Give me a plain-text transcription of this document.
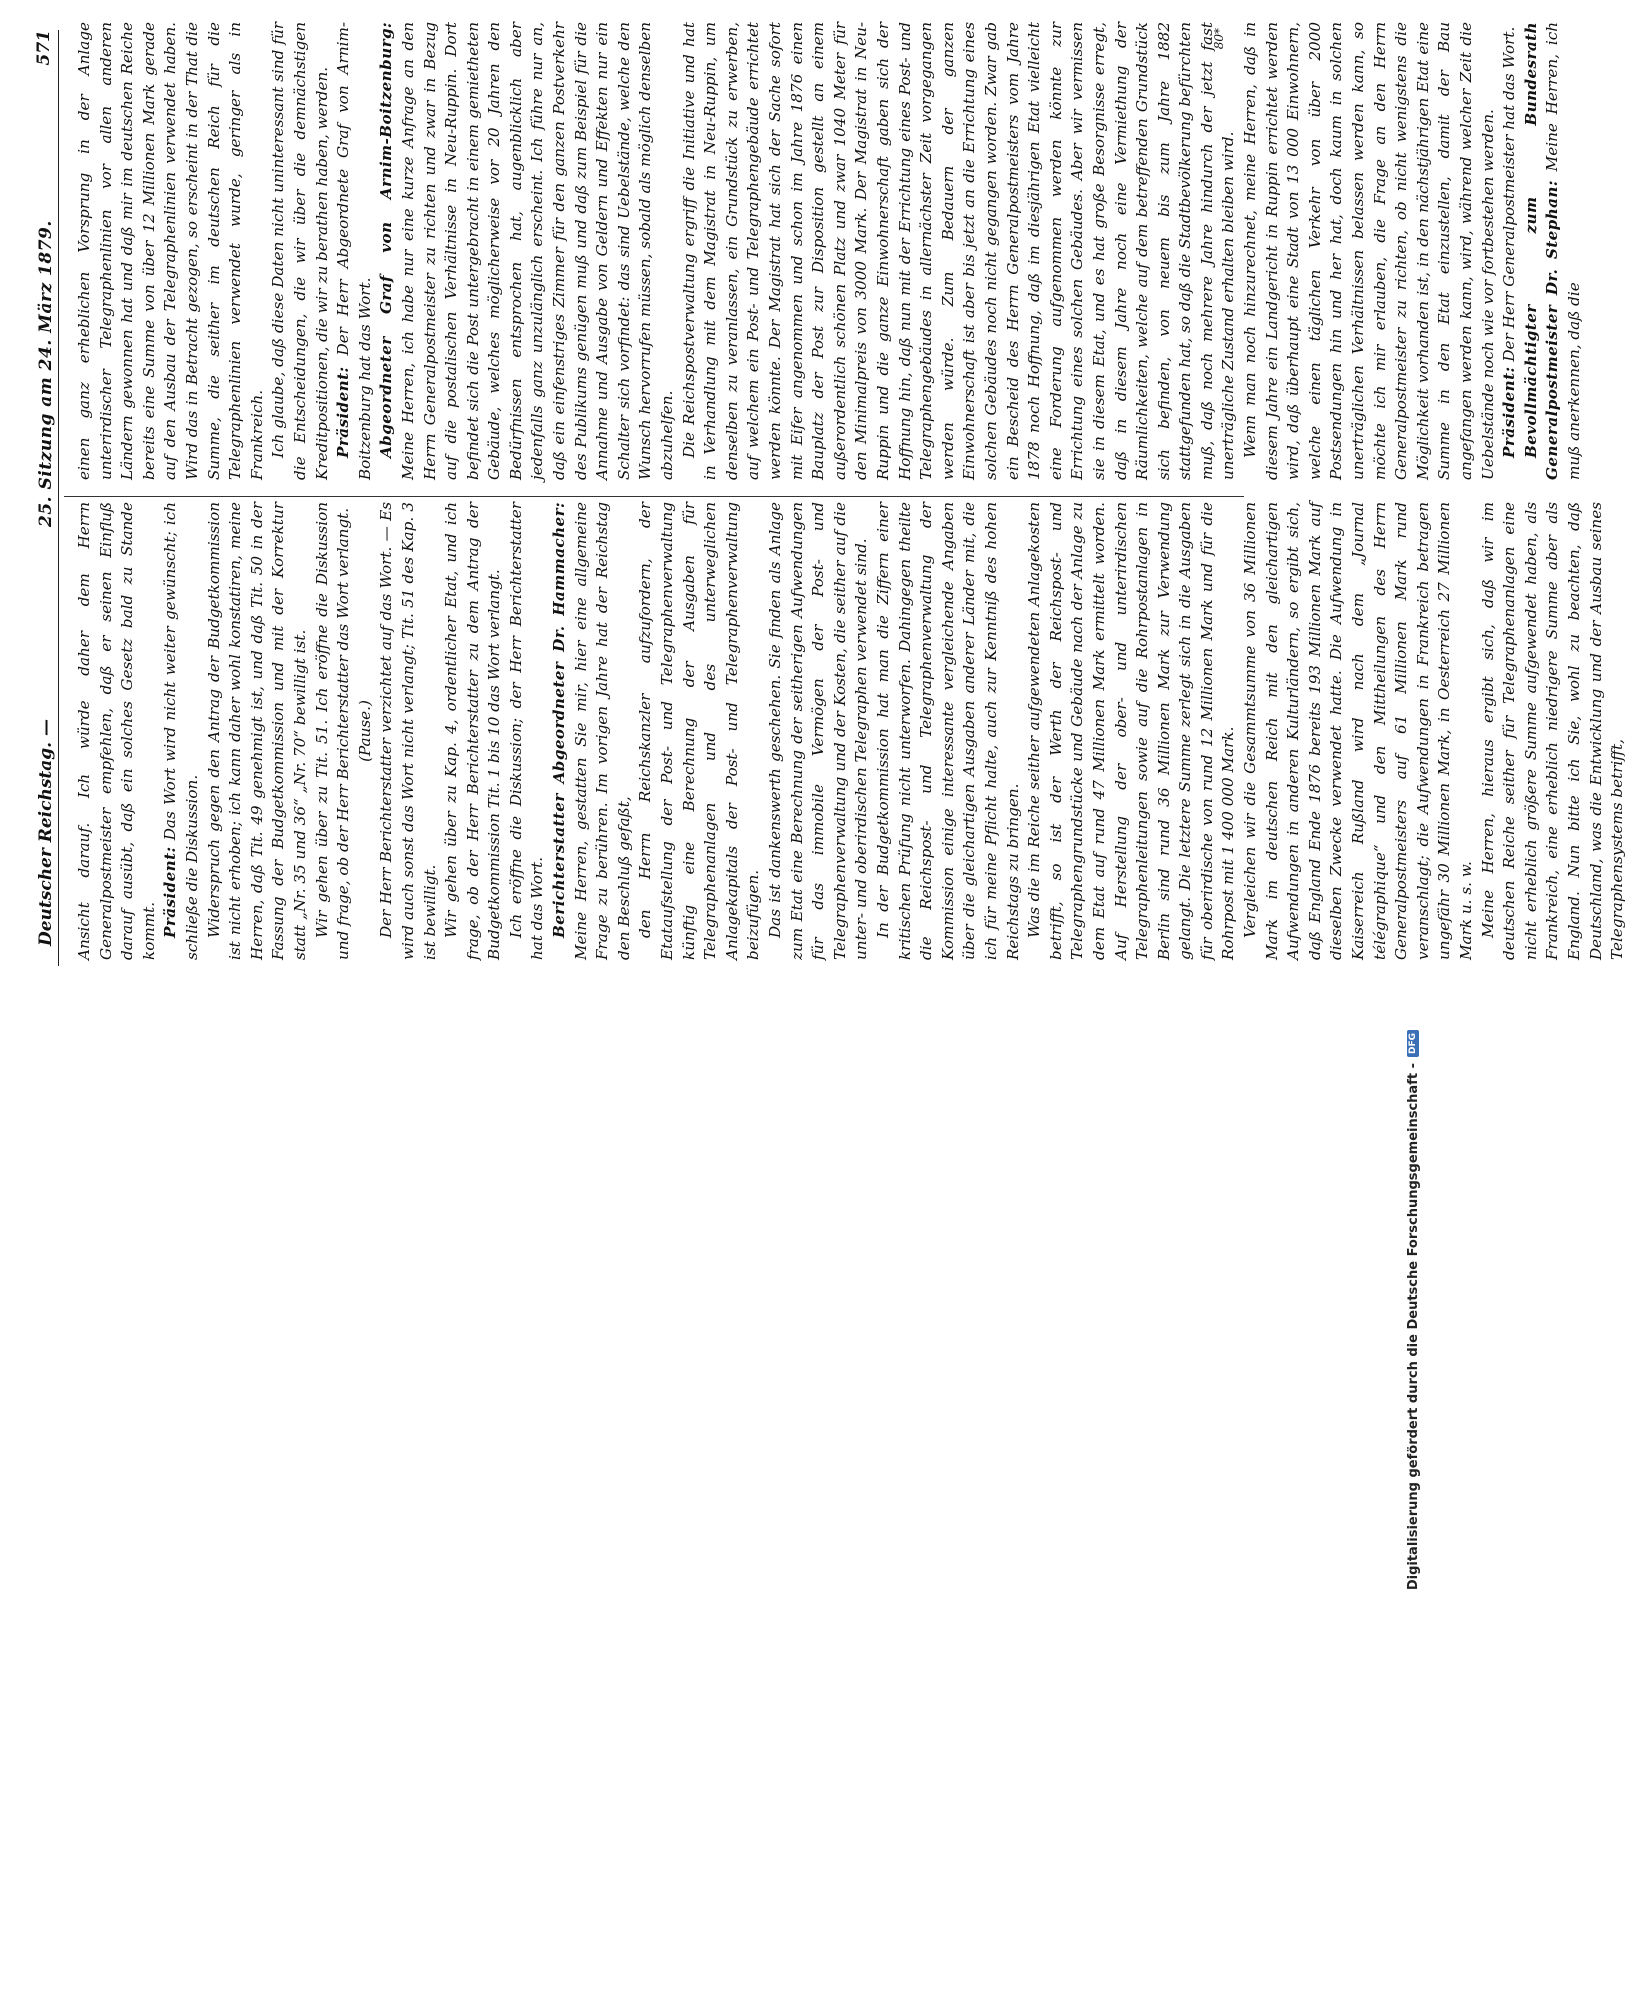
Deutscher Reichstag. —
25. Sitzung am 24. März 1879.
571

Ansicht darauf. Ich würde daher dem Herrn Generalpostmeister empfehlen, daß er seinen Einfluß darauf ausübt, daß ein solches Gesetz bald zu Stande kommt. Präsident: Das Wort wird nicht weiter gewünscht; ich schließe die Diskussion. Widerspruch gegen den Antrag der Budgetkommission ist nicht erhoben; ich kann daher wohl konstatiren, meine Herren, daß Tit. 49 genehmigt ist, und daß Tit. 50 in der Fassung der Budgetkommission und mit der Korrektur statt „Nr. 35 und 36“ „Nr. 70“ bewilligt ist. Wir gehen über zu Tit. 51. Ich eröffne die Diskussion und frage, ob der Herr Berichterstatter das Wort verlangt. (Pause.) Der Herr Berichterstatter verzichtet auf das Wort. — Es wird auch sonst das Wort nicht verlangt; Tit. 51 des Kap. 3 ist bewilligt. Wir gehen über zu Kap. 4, ordentlicher Etat, und ich frage, ob der Herr Berichterstatter zu dem Antrag der Budgetkommission Tit. 1 bis 10 das Wort verlangt. Ich eröffne die Diskussion; der Herr Berichterstatter hat das Wort. Berichterstatter Abgeordneter Dr. Hammacher: Meine Herren, gestatten Sie mir, hier eine allgemeine Frage zu berühren. Im vorigen Jahre hat der Reichstag den Beschluß gefaßt, den Herrn Reichskanzler aufzufordern, der Etataufstellung der Post- und Telegraphenverwaltung künftig eine Berechnung der Ausgaben für Telegraphenanlagen und des unterweglichen Anlagekapitals der Post- und Telegraphenverwaltung beizufügen. Das ist dankenswerth geschehen. Sie finden als Anlage zum Etat eine Berechnung der seitherigen Aufwendungen für das immobile Vermögen der Post- und Telegraphenverwaltung und der Kosten, die seither auf die unter- und oberirdischen Telegraphen verwendet sind. In der Budgetkommission hat man die Ziffern einer kritischen Prüfung nicht unterworfen. Dahingegen theilte die Reichspost- und Telegraphenverwaltung der Kommission einige interessante vergleichende Angaben über die gleichartigen Ausgaben anderer Länder mit, die ich für meine Pflicht halte, auch zur Kenntniß des hohen Reichstags zu bringen. Was die im Reiche seither aufgewendeten Anlagekosten betrifft, so ist der Werth der Reichspost- und Telegraphengrundstücke und Gebäude nach der Anlage zu dem Etat auf rund 47 Millionen Mark ermittelt worden. Auf Herstellung der ober- und unterirdischen Telegraphenleitungen sowie auf die Rohrpostanlagen in Berlin sind rund 36 Millionen Mark zur Verwendung gelangt. Die letztere Summe zerlegt sich in die Ausgaben für oberirdische von rund 12 Millionen Mark und für die Rohrpost mit 1 400 000 Mark. Vergleichen wir die Gesammtsumme von 36 Millionen Mark im deutschen Reich mit den gleichartigen Aufwendungen in anderen Kulturländern, so ergibt sich, daß England Ende 1876 bereits 193 Millionen Mark auf dieselben Zwecke verwendet hatte. Die Aufwendung in Kaiserreich Rußland wird nach dem „Journal télégraphique“ und den Mittheilungen des Herrn Generalpostmeisters auf 61 Millionen Mark rund veranschlagt; die Aufwendungen in Frankreich betragen ungefähr 30 Millionen Mark, in Oesterreich 27 Millionen Mark u. s. w. Meine Herren, hieraus ergibt sich, daß wir im deutschen Reiche seither für Telegraphenanlagen eine nicht erheblich größere Summe aufgewendet haben, als Frankreich, eine erheblich niedrigere Summe aber als England. Nun bitte ich Sie, wohl zu beachten, daß Deutschland, was die Entwicklung und der Ausbau seines Telegraphensystems betrifft,

einen ganz erheblichen Vorsprung in der Anlage unterirdischer Telegraphenlinien vor allen anderen Ländern gewonnen hat und daß mir im deutschen Reiche bereits eine Summe von über 12 Millionen Mark gerade auf den Ausbau der Telegraphenlinien verwendet haben. Wird das in Betracht gezogen, so erscheint in der That die Summe, die seither im deutschen Reich für die Telegraphenlinien verwendet wurde, geringer als in Frankreich. Ich glaube, daß diese Daten nicht uninteressant sind für die Entscheidungen, die wir über die demnächstigen Kreditpositionen, die wir zu berathen haben, werden. Präsident: Der Herr Abgeordnete Graf von Arnim-Boitzenburg hat das Wort. Abgeordneter Graf von Arnim-Boitzenburg: Meine Herren, ich habe nur eine kurze Anfrage an den Herrn Generalpostmeister zu richten und zwar in Bezug auf die postalischen Verhältnisse in Neu-Ruppin. Dort befindet sich die Post untergebracht in einem gemietheten Gebäude, welches möglicherweise vor 20 Jahren den Bedürfnissen entsprochen hat, augenblicklich aber jedenfalls ganz unzulänglich erscheint. Ich führe nur an, daß ein einfenstriges Zimmer für den ganzen Postverkehr des Publikums genügen muß und daß zum Beispiel für die Annahme und Ausgabe von Geldern und Effekten nur ein Schalter sich vorfindet: das sind Uebelstände, welche den Wunsch hervorrufen müssen, sobald als möglich denselben abzuhelfen. Die Reichspostverwaltung ergriff die Initiative und hat in Verhandlung mit dem Magistrat in Neu-Ruppin, um denselben zu veranlassen, ein Grundstück zu erwerben, auf welchem ein Post- und Telegraphengebäude errichtet werden könnte. Der Magistrat hat sich der Sache sofort mit Eifer angenommen und schon im Jahre 1876 einen Bauplatz der Post zur Disposition gestellt an einem außerordentlich schönen Platz und zwar 1040 Meter für den Minimalpreis von 3000 Mark. Der Magistrat in Neu-Ruppin und die ganze Einwohnerschaft gaben sich der Hoffnung hin, daß nun mit der Errichtung eines Post- und Telegraphengebäudes in allernächster Zeit vorgegangen werden würde. Zum Bedauern der ganzen Einwohnerschaft ist aber bis jetzt an die Errichtung eines solchen Gebäudes noch nicht gegangen worden. Zwar gab ein Bescheid des Herrn Generalpostmeisters vom Jahre 1878 noch Hoffnung, daß im diesjährigen Etat vielleicht eine Forderung aufgenommen werden könnte zur Errichtung eines solchen Gebäudes. Aber wir vermissen sie in diesem Etat, und es hat große Besorgnisse erregt, daß in diesem Jahre noch eine Vermiethung der Räumlichkeiten, welche auf dem betreffenden Grundstück sich befinden, von neuem bis zum Jahre 1882 stattgefunden hat, so daß die Stadtbevölkerung befürchten muß, daß noch mehrere Jahre hindurch der jetzt fast unerträgliche Zustand erhalten bleiben wird. Wenn man noch hinzurechnet, meine Herren, daß in diesem Jahre ein Landgericht in Ruppin errichtet werden wird, daß überhaupt eine Stadt von 13 000 Einwohnern, welche einen täglichen Verkehr von über 2000 Postsendungen hin und her hat, doch kaum in solchen unerträglichen Verhältnissen belassen werden kann, so möchte ich mir erlauben, die Frage an den Herrn Generalpostmeister zu richten, ob nicht wenigstens die Möglichkeit vorhanden ist, in den nächstjährigen Etat eine Summe in den Etat einzustellen, damit der Bau angefangen werden kann, wird, während welcher Zeit die Uebelstände noch wie vor fortbestehen werden. Präsident: Der Herr Generalpostmeister hat das Wort. Bevollmächtigter zum Bundesrath Generalpostmeister Dr. Stephan: Meine Herren, ich muß anerkennen, daß die

80*
Digitalisierung gefördert durch die Deutsche Forschungsgemeinschaft -
DFG
